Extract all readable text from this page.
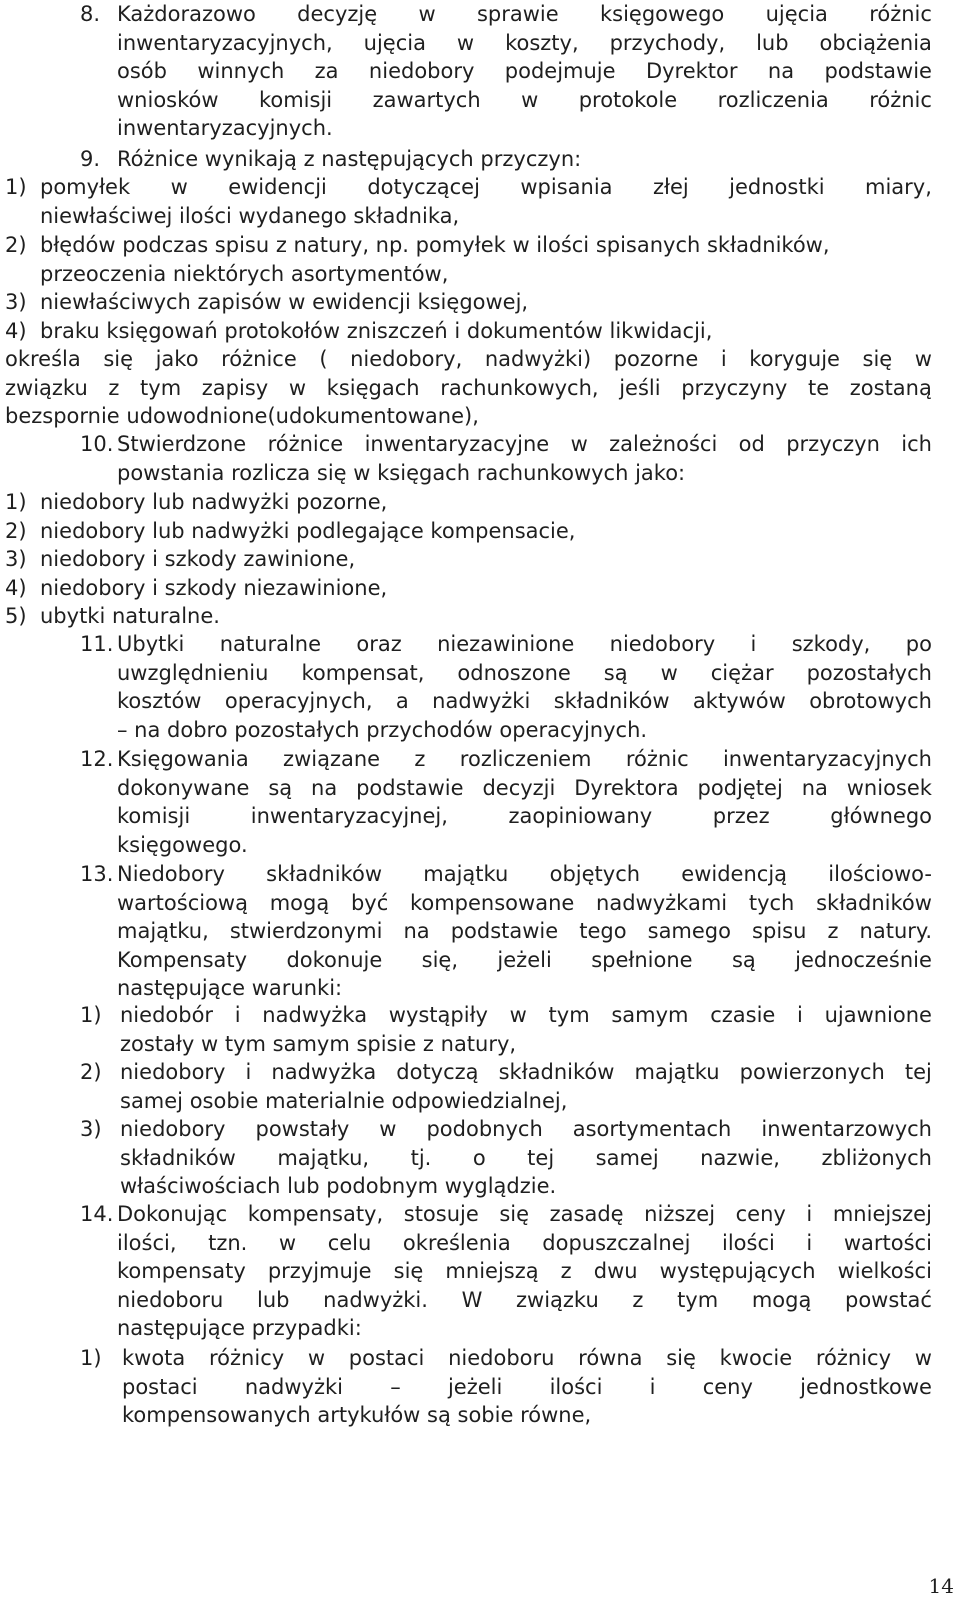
8. Każdorazowo decyzję w sprawie księgowego ujęcia różnic
inwentaryzacyjnych, ujęcia w koszty, przychody, lub obciążenia
osób winnych za niedobory podejmuje Dyrektor na podstawie
wniosków komisji zawartych w protokole rozliczenia różnic
inwentaryzacyjnych.
9. Różnice wynikają z następujących przyczyn:
1) pomyłek w ewidencji dotyczącej wpisania złej jednostki miary,
niewłaściwej ilości wydanego składnika,
2) błędów podczas spisu z natury, np. pomyłek w ilości spisanych składników,
przeoczenia niektórych asortymentów,
3) niewłaściwych zapisów w ewidencji księgowej,
4) braku księgowań protokołów zniszczeń i dokumentów likwidacji,
określa się jako różnice ( niedobory, nadwyżki) pozorne i koryguje się w
związku z tym zapisy w księgach rachunkowych, jeśli przyczyny te zostaną
bezspornie udowodnione(udokumentowane),
10. Stwierdzone różnice inwentaryzacyjne w zależności od przyczyn ich
powstania rozlicza się w księgach rachunkowych jako:
1) niedobory lub nadwyżki pozorne,
2) niedobory lub nadwyżki podlegające kompensacie,
3) niedobory i szkody zawinione,
4) niedobory i szkody niezawinione,
5) ubytki naturalne.
11. Ubytki naturalne oraz niezawinione niedobory i szkody, po
uwzględnieniu kompensat, odnoszone są w ciężar pozostałych
kosztów operacyjnych, a nadwyżki składników aktywów obrotowych
– na dobro pozostałych przychodów operacyjnych.
12. Księgowania związane z rozliczeniem różnic inwentaryzacyjnych
dokonywane są na podstawie decyzji Dyrektora podjętej na wniosek
komisji	inwentaryzacyjnej,	zaopiniowany	przez	głównego
księgowego.
13. Niedobory składników majątku objętych ewidencją ilościowo-
wartościową mogą być kompensowane nadwyżkami tych składników
majątku, stwierdzonymi na podstawie tego samego spisu z natury.
Kompensaty dokonuje się, jeżeli spełnione są jednocześnie
następujące warunki:
1) niedobór i nadwyżka wystąpiły w tym samym czasie i ujawnione
zostały w tym samym spisie z natury,
2) niedobory i nadwyżka dotyczą składników majątku powierzonych tej
samej osobie materialnie odpowiedzialnej,
3) niedobory powstały w podobnych asortymentach inwentarzowych
składników majątku, tj. o tej samej nazwie, zbliżonych
właściwościach lub podobnym wyglądzie.
14. Dokonując kompensaty, stosuje się zasadę niższej ceny i mniejszej
ilości, tzn. w celu określenia dopuszczalnej ilości i wartości
kompensaty przyjmuje się mniejszą z dwu występujących wielkości
niedoboru lub nadwyżki. W związku z tym mogą powstać
następujące przypadki:
1) kwota różnicy w postaci niedoboru równa się kwocie różnicy w
postaci nadwyżki – jeżeli ilości i ceny jednostkowe
kompensowanych artykułów są sobie równe,
14
